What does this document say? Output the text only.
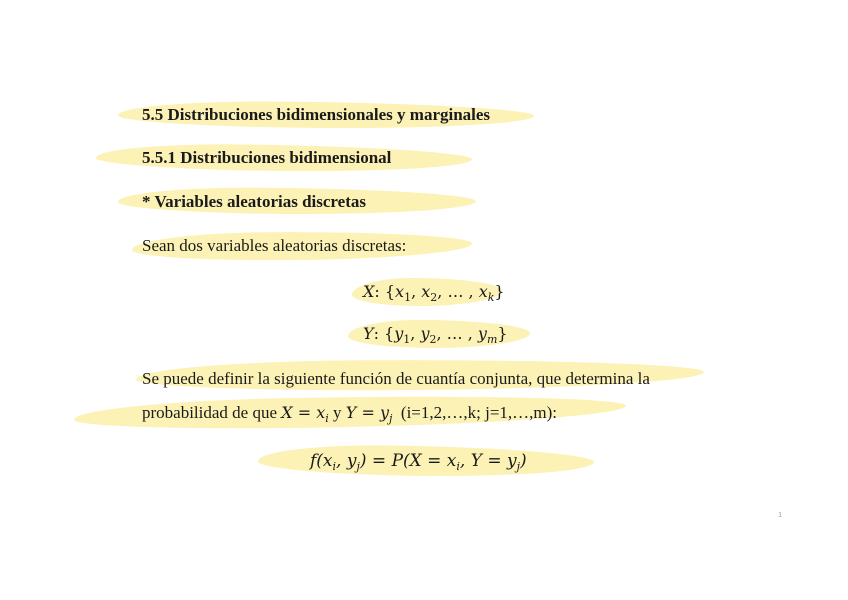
5.5 Distribuciones bidimensionales y marginales
5.5.1 Distribuciones bidimensional
* Variables aleatorias discretas
Sean dos variables aleatorias discretas:
X: {$x_1$, $x_2$, … , $x_k$}
Y: {$y_1$, $y_2$, … , $y_m$}
Se puede definir la siguiente función de cuantía conjunta, que determina la
probabilidad de que $X = x_i$ y $Y = y_j$ (i=1,2,…,k; j=1,…,m):
$f(x_i$, $y_j) = P(X = x_i$, $Y = y_j$)
1
